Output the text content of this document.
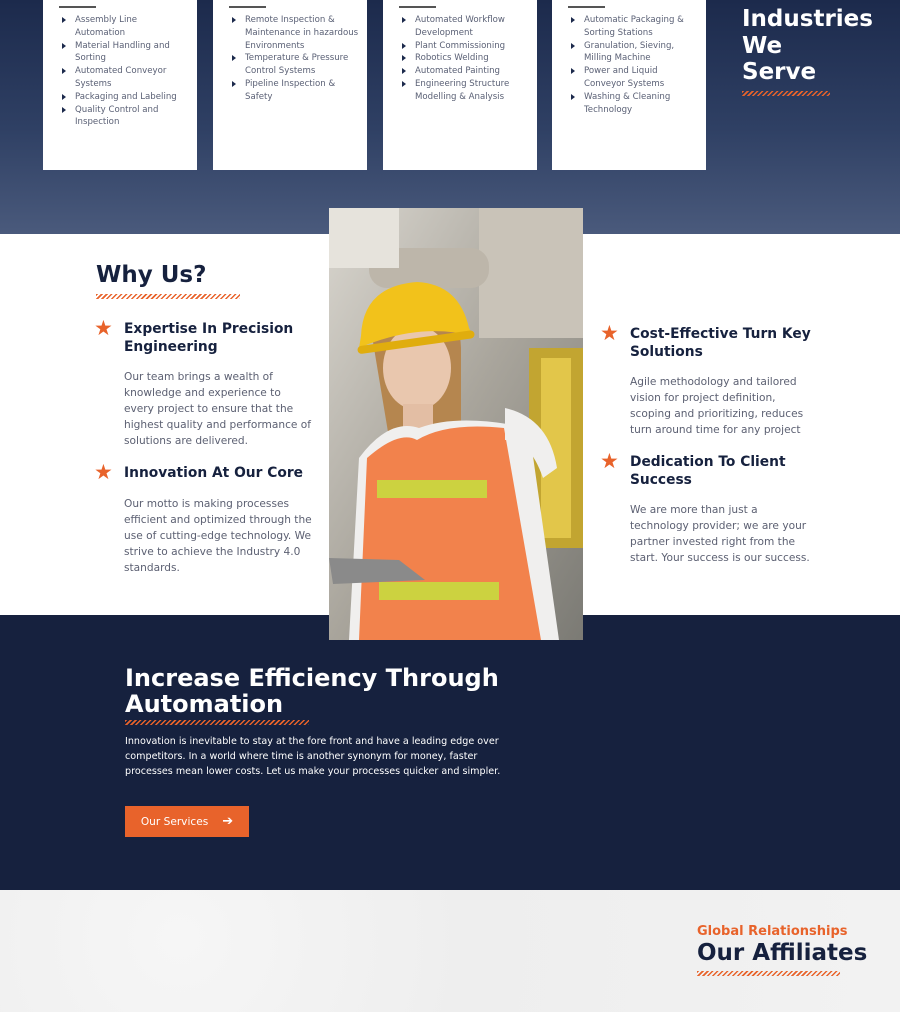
Assembly Line Automation
Material Handling and Sorting
Automated Conveyor Systems
Packaging and Labeling
Quality Control and Inspection
Remote Inspection & Maintenance in hazardous Environments
Temperature & Pressure Control Systems
Pipeline Inspection & Safety
Automated Workflow Development
Plant Commissioning
Robotics Welding
Automated Painting
Engineering Structure Modelling & Analysis
Automatic Packaging & Sorting Stations
Granulation, Sieving, Milling Machine
Power and Liquid Conveyor Systems
Washing & Cleaning Technology
Industries
We
Serve
Why Us?
★ Expertise In Precision Engineering

Our team brings a wealth of knowledge and experience to every project to ensure that the highest quality and performance of solutions are delivered.

★ Innovation At Our Core

Our motto is making processes efficient and optimized through the use of cutting-edge technology. We strive to achieve the Industry 4.0 standards.

★ Cost-Effective Turn Key Solutions

Agile methodology and tailored vision for project definition, scoping and prioritizing, reduces turn around time for any project

★ Dedication To Client Success

We are more than just a technology provider; we are your partner invested right from the start. Your success is our success.

Increase Efficiency Through Automation

Innovation is inevitable to stay at the fore front and have a leading edge over competitors. In a world where time is another synonym for money, faster processes mean lower costs. Let us make your processes quicker and simpler.

Our Services ➔
Global Relationships
Our Affiliates
